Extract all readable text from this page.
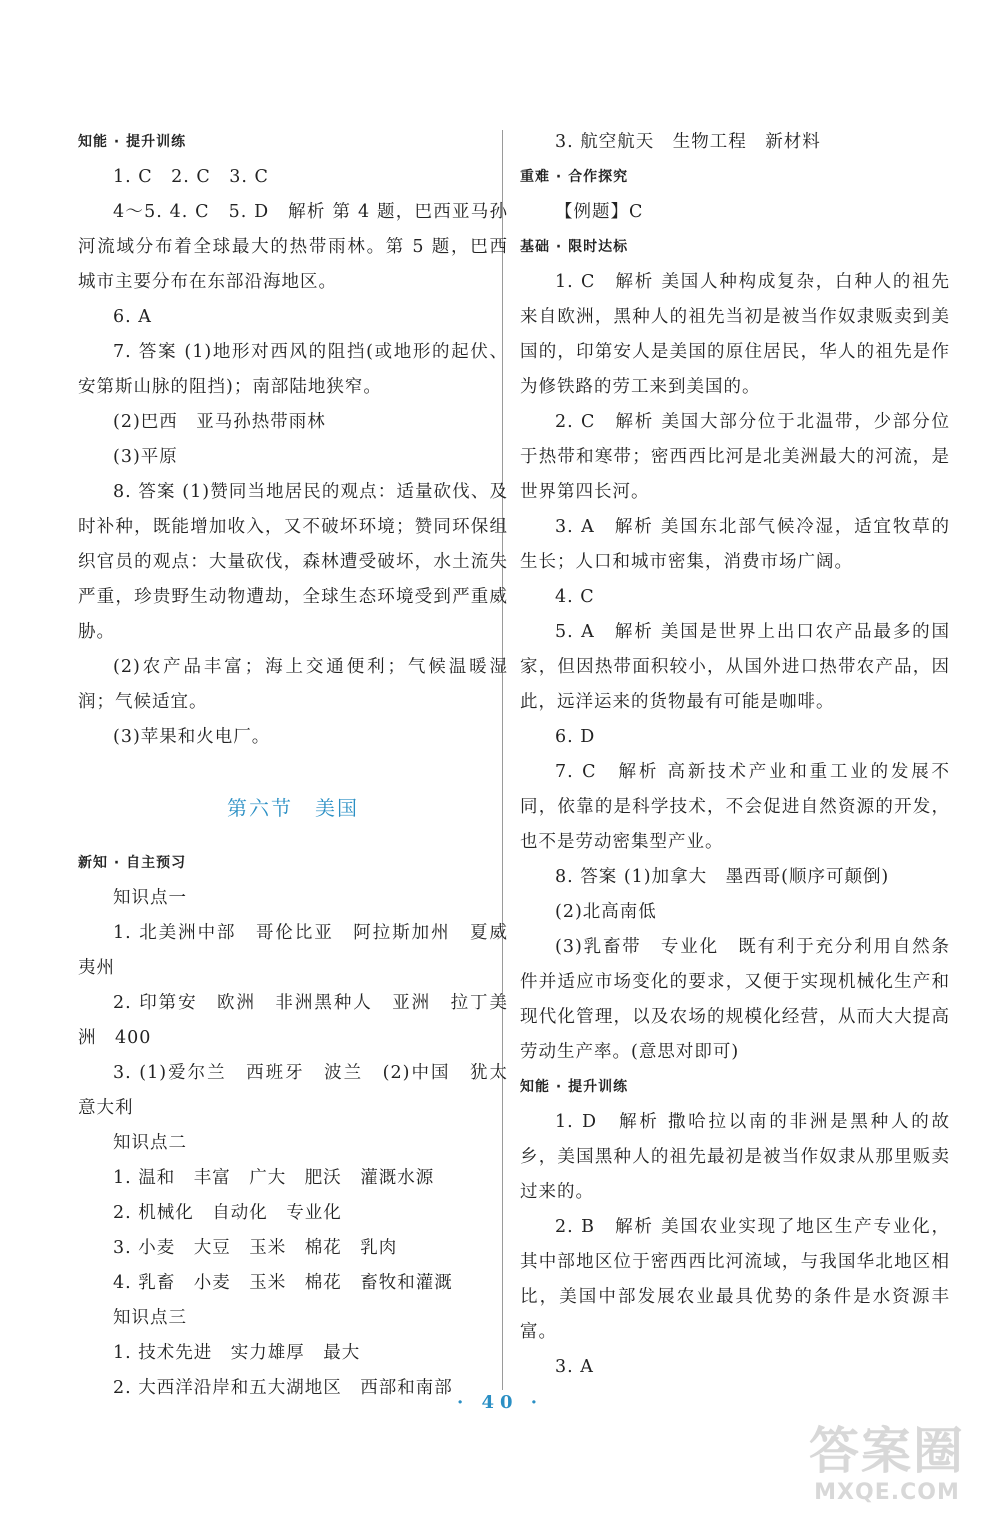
知能 · 提升训练

1. C　2. C　3. C

4～5. 4. C　5. D　解析 第 4 题，巴西亚马孙河流域分布着全球最大的热带雨林。第 5 题，巴西城市主要分布在东部沿海地区。

6. A

7. 答案 (1)地形对西风的阻挡(或地形的起伏、安第斯山脉的阻挡)；南部陆地狭窄。

(2)巴西　亚马孙热带雨林

(3)平原

8. 答案 (1)赞同当地居民的观点：适量砍伐、及时补种，既能增加收入，又不破坏环境；赞同环保组织官员的观点：大量砍伐，森林遭受破坏，水土流失严重，珍贵野生动物遭劫，全球生态环境受到严重威胁。

(2)农产品丰富；海上交通便利；气候温暖湿润；气候适宜。

(3)苹果和火电厂。

第六节　美国
新知 · 自主预习

知识点一

1. 北美洲中部　哥伦比亚　阿拉斯加州　夏威夷州

2. 印第安　欧洲　非洲黑种人　亚洲　拉丁美洲　400

3. (1)爱尔兰　西班牙　波兰　(2)中国　犹太　意大利

知识点二

1. 温和　丰富　广大　肥沃　灌溉水源

2. 机械化　自动化　专业化

3. 小麦　大豆　玉米　棉花　乳肉

4. 乳畜　小麦　玉米　棉花　畜牧和灌溉

知识点三

1. 技术先进　实力雄厚　最大

2. 大西洋沿岸和五大湖地区　西部和南部

3. 航空航天　生物工程　新材料

重难 · 合作探究

【例题】C

基础 · 限时达标

1. C　解析 美国人种构成复杂，白种人的祖先来自欧洲，黑种人的祖先当初是被当作奴隶贩卖到美国的，印第安人是美国的原住居民，华人的祖先是作为修铁路的劳工来到美国的。

2. C　解析 美国大部分位于北温带，少部分位于热带和寒带；密西西比河是北美洲最大的河流，是世界第四长河。

3. A　解析 美国东北部气候冷湿，适宜牧草的生长；人口和城市密集，消费市场广阔。

4. C

5. A　解析 美国是世界上出口农产品最多的国家，但因热带面积较小，从国外进口热带农产品，因此，远洋运来的货物最有可能是咖啡。

6. D

7. C　解析 高新技术产业和重工业的发展不同，依靠的是科学技术，不会促进自然资源的开发，也不是劳动密集型产业。

8. 答案 (1)加拿大　墨西哥(顺序可颠倒)

(2)北高南低

(3)乳畜带　专业化　既有利于充分利用自然条件并适应市场变化的要求，又便于实现机械化生产和现代化管理，以及农场的规模化经营，从而大大提高劳动生产率。(意思对即可)

知能 · 提升训练

1. D　解析 撒哈拉以南的非洲是黑种人的故乡，美国黑种人的祖先最初是被当作奴隶从那里贩卖过来的。

2. B　解析 美国农业实现了地区生产专业化，其中部地区位于密西西比河流域，与我国华北地区相比，美国中部发展农业最具优势的条件是水资源丰富。

3. A

· 40 ·
答案圈
MXQE.COM
